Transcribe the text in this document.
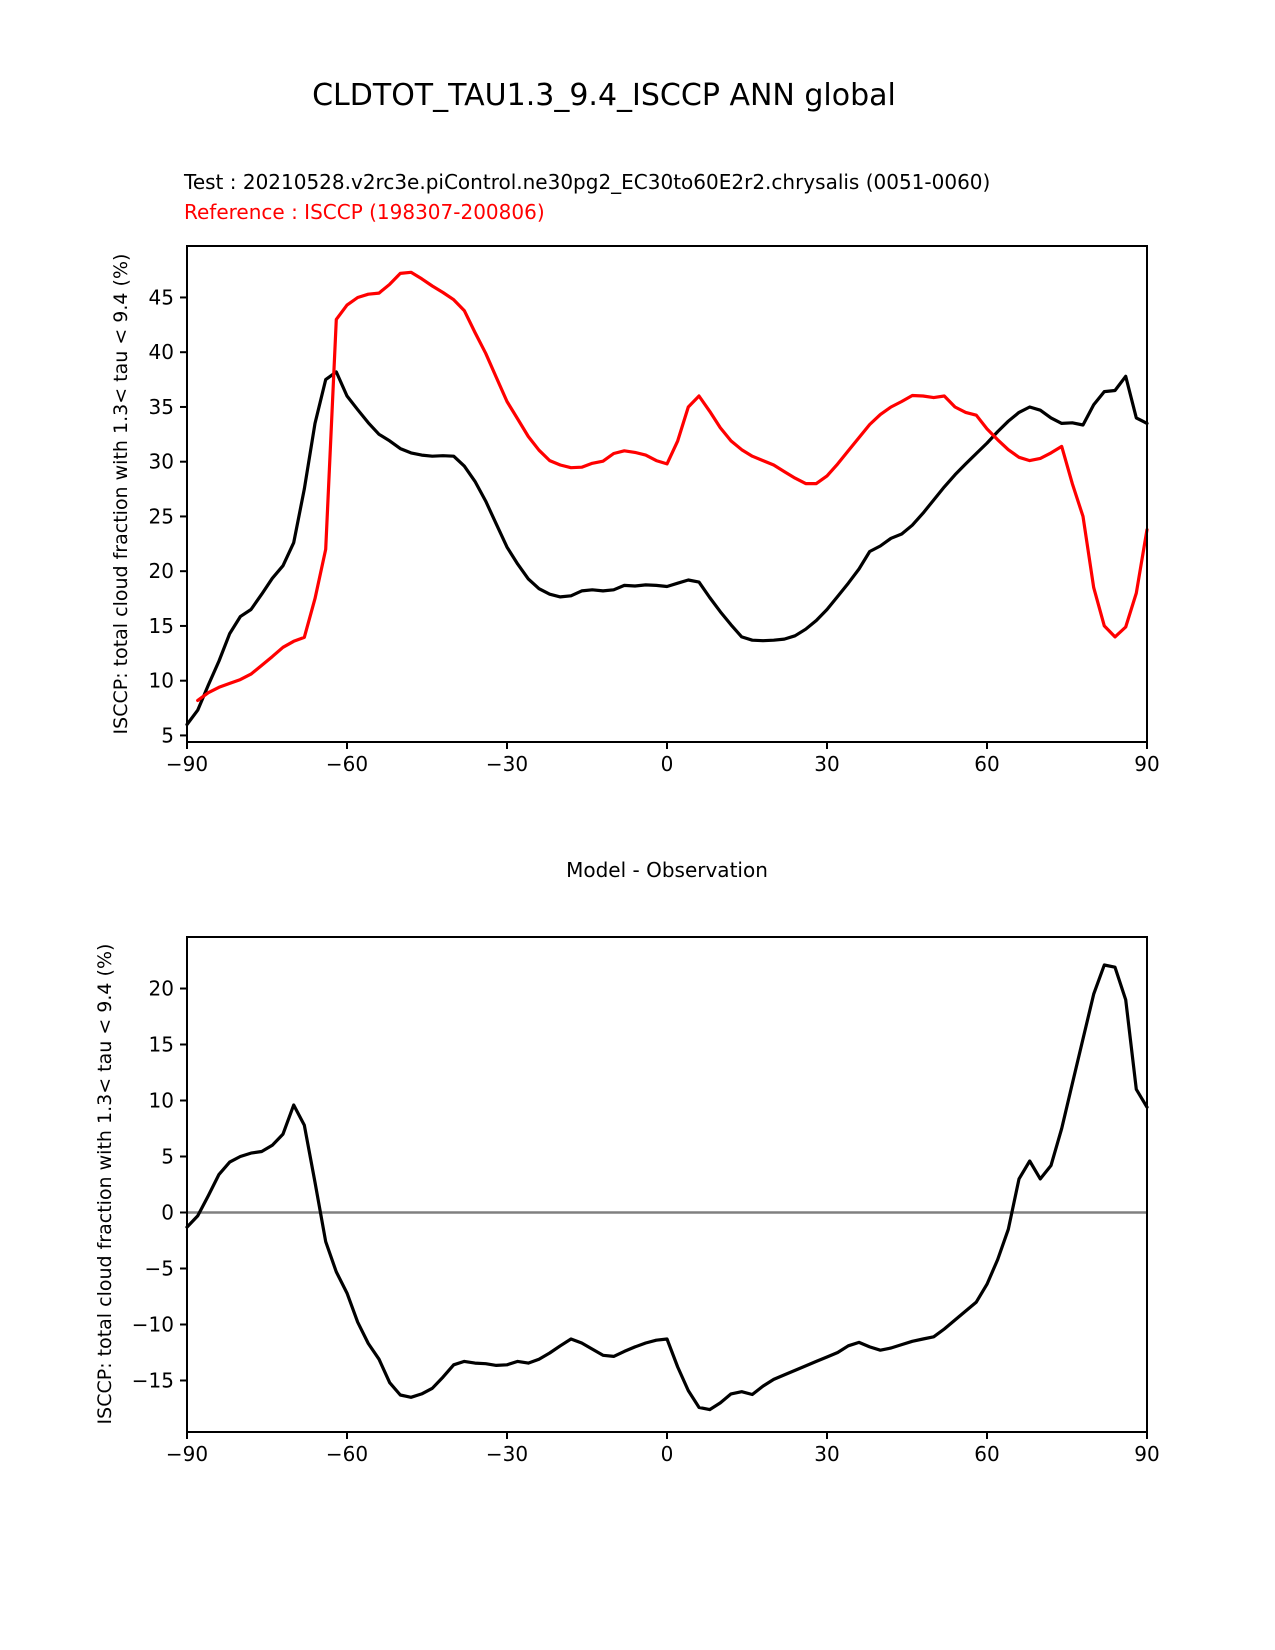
CLDTOT_TAU1.3_9.4_ISCCP ANN global
Test : 20210528.v2rc3e.piControl.ne30pg2_EC30to60E2r2.chrysalis (0051-0060)
Reference : ISCCP (198307-200806)
ISCCP: total cloud fraction with 1.3< tau < 9.4 (%)
Model - Observation
ISCCP: total cloud fraction with 1.3< tau < 9.4 (%)
−90	−60	−30	0	30	60	90
5
10
15
20
25
30
35
40
45
−90	−60	−30	0	30	60	90
−15
−10
−5
0
5
10
15
20
